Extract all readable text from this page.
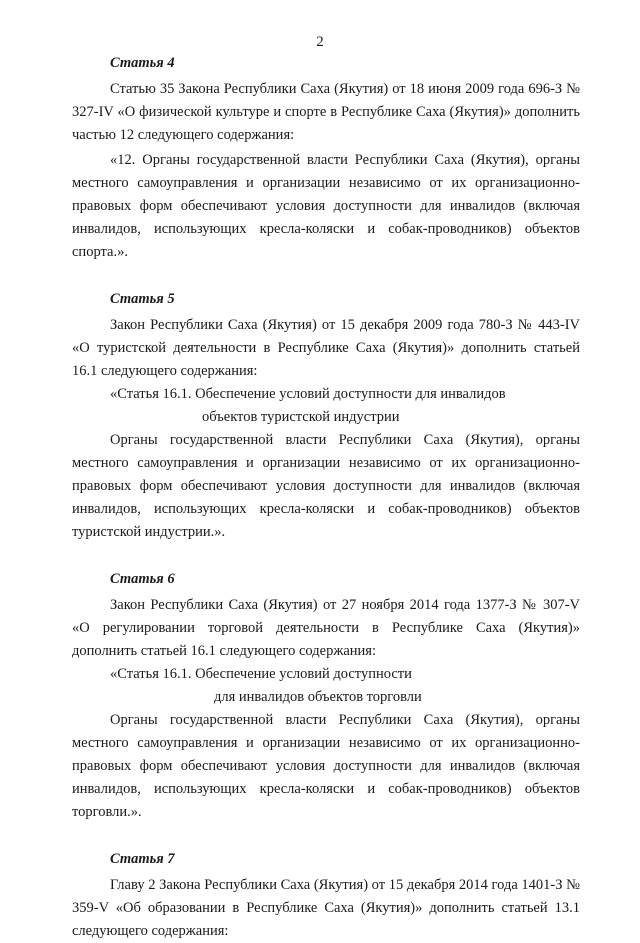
2
Статья 4

Статью 35 Закона Республики Саха (Якутия) от 18 июня 2009 года 696-З № 327-IV «О физической культуре и спорте в Республике Саха (Якутия)» дополнить частью 12 следующего содержания:

«12. Органы государственной власти Республики Саха (Якутия), органы местного самоуправления и организации независимо от их организационно-правовых форм обеспечивают условия доступности для инвалидов (включая инвалидов, использующих кресла-коляски и собак-проводников) объектов спорта.».

Статья 5

Закон Республики Саха (Якутия) от 15 декабря 2009 года 780-З № 443-IV «О туристской деятельности в Республике Саха (Якутия)» дополнить статьей 16.1 следующего содержания:

«Статья 16.1. Обеспечение условий доступности для инвалидов

объектов туристской индустрии

Органы государственной власти Республики Саха (Якутия), органы местного самоуправления и организации независимо от их организационно-правовых форм обеспечивают условия доступности для инвалидов (включая инвалидов, использующих кресла-коляски и собак-проводников) объектов туристской индустрии.».

Статья 6

Закон Республики Саха (Якутия) от 27 ноября 2014 года 1377-З № 307-V «О регулировании торговой деятельности в Республике Саха (Якутия)» дополнить статьей 16.1 следующего содержания:

«Статья 16.1. Обеспечение условий доступности

для инвалидов объектов торговли

Органы государственной власти Республики Саха (Якутия), органы местного самоуправления и организации независимо от их организационно-правовых форм обеспечивают условия доступности для инвалидов (включая инвалидов, использующих кресла-коляски и собак-проводников) объектов торговли.».

Статья 7

Главу 2 Закона Республики Саха (Якутия) от 15 декабря 2014 года 1401-З № 359-V «Об образовании в Республике Саха (Якутия)» дополнить статьей 13.1 следующего содержания:
